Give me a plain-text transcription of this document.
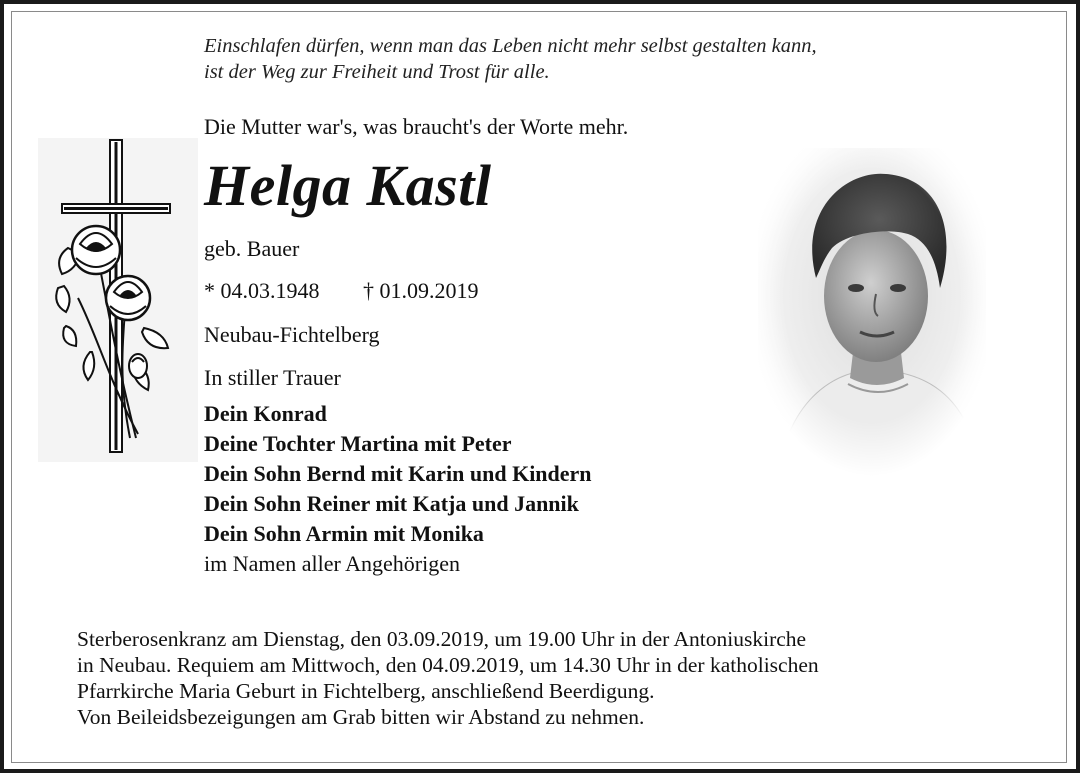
Einschlafen dürfen, wenn man das Leben nicht mehr selbst gestalten kann,
ist der Weg zur Freiheit und Trost für alle.
Die Mutter war's, was braucht's der Worte mehr.
Helga Kastl
geb. Bauer
* 04.03.1948 † 01.09.2019
Neubau-Fichtelberg
In stiller Trauer
Dein Konrad
Deine Tochter Martina mit Peter
Dein Sohn Bernd mit Karin und Kindern
Dein Sohn Reiner mit Katja und Jannik
Dein Sohn Armin mit Monika
im Namen aller Angehörigen
Sterberosenkranz am Dienstag, den 03.09.2019, um 19.00 Uhr in der Antoniuskirche
in Neubau. Requiem am Mittwoch, den 04.09.2019, um 14.30 Uhr in der katholischen
Pfarrkirche Maria Geburt in Fichtelberg, anschließend Beerdigung.
Von Beileidsbezeigungen am Grab bitten wir Abstand zu nehmen.
